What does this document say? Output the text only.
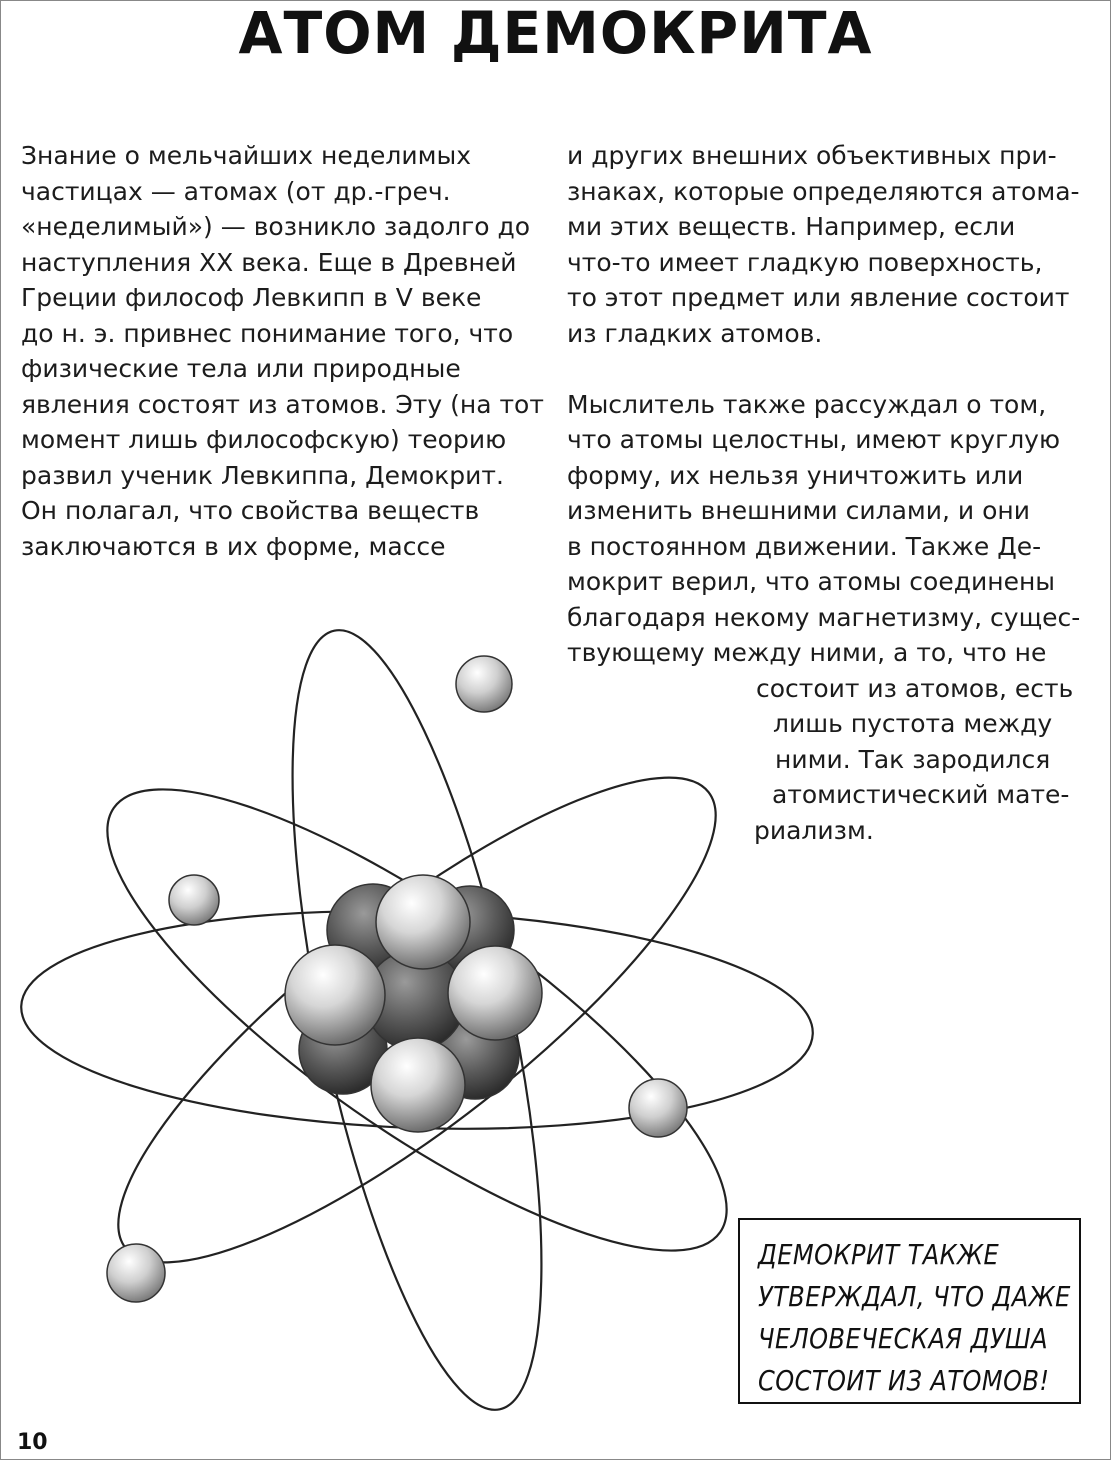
АТОМ ДЕМОКРИТА
Знание о мельчайших неделимых
частицах — атомах (от др.-греч.
«неделимый») — возникло задолго до
наступления XX века. Еще в Древней
Греции философ Левкипп в V веке
до н. э. привнес понимание того, что
физические тела или природные
явления состоят из атомов. Эту (на тот
момент лишь философскую) теорию
развил ученик Левкиппа, Демокрит.
Он полагал, что свойства веществ
заключаются в их форме, массе
и других внешних объективных при-
знаках, которые определяются атома-
ми этих веществ. Например, если
что-то имеет гладкую поверхность,
то этот предмет или явление состоит
из гладких атомов.
Мыслитель также рассуждал о том,
что атомы целостны, имеют круглую
форму, их нельзя уничтожить или
изменить внешними силами, и они
в постоянном движении. Также Де-
мокрит верил, что атомы соединены
благодаря некому магнетизму, сущес-
твующему между ними, а то, что не
состоит из атомов, есть
лишь пустота между
ними. Так зародился
атомистический мате-
риализм.
ДЕМОКРИТ ТАКЖЕ
УТВЕРЖДАЛ, ЧТО ДАЖЕ
ЧЕЛОВЕЧЕСКАЯ ДУША
СОСТОИТ ИЗ АТОМОВ!
10
